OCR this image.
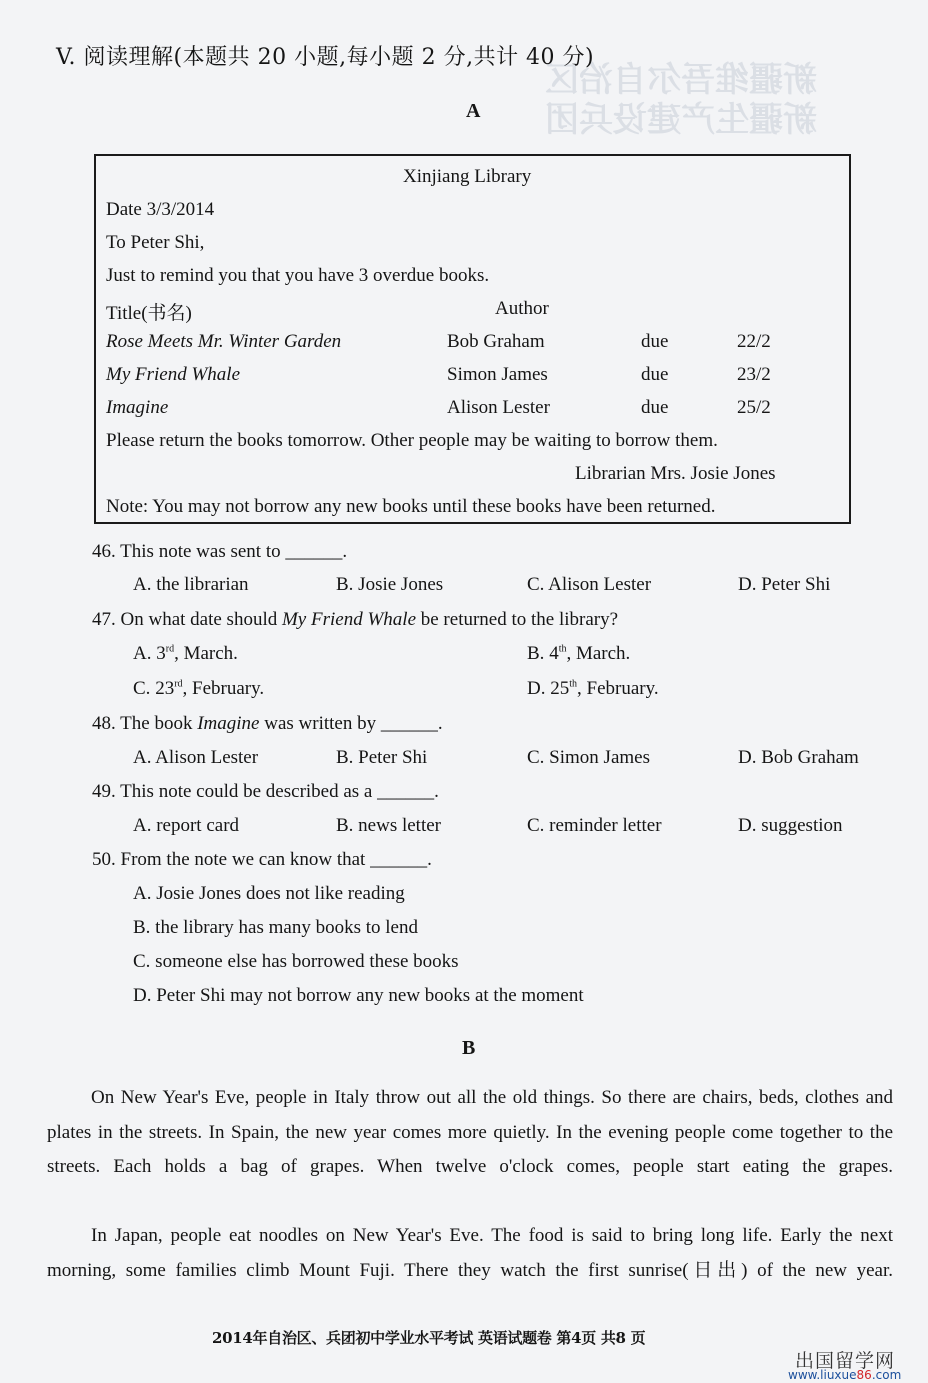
新疆维吾尔自治区
新疆生产建设兵团
V. 阅读理解(本题共 20 小题,每小题 2 分,共计 40 分)
A
Xinjiang Library
Date 3/3/2014
To Peter Shi,
Just to remind you that you have 3 overdue books.
Title(书名)	Author
Rose Meets Mr. Winter Garden	Bob Graham	due	22/2
My Friend Whale	Simon James	due	23/2
Imagine	Alison Lester	due	25/2
Please return the books tomorrow. Other people may be waiting to borrow them.
Librarian Mrs. Josie Jones
Note: You may not borrow any new books until these books have been returned.
46. This note was sent to ______.
A. the librarian	B. Josie Jones	C. Alison Lester	D. Peter Shi
47. On what date should My Friend Whale be returned to the library?
A. 3rd, March.	B. 4th, March.
C. 23rd, February.	D. 25th, February.
48. The book Imagine was written by ______.
A. Alison Lester	B. Peter Shi	C. Simon James	D. Bob Graham
49. This note could be described as a ______.
A. report card	B. news letter	C. reminder letter	D. suggestion
50. From the note we can know that ______.
A. Josie Jones does not like reading
B. the library has many books to lend
C. someone else has borrowed these books
D. Peter Shi may not borrow any new books at the moment
B
On New Year's Eve, people in Italy throw out all the old things. So there are chairs, beds, clothes and plates in the streets. In Spain, the new year comes more quietly. In the evening people come together to the streets. Each holds a bag of grapes. When twelve o'clock comes, people start eating the grapes.
In Japan, people eat noodles on New Year's Eve. The food is said to bring long life. Early the next morning, some families climb Mount Fuji. There they watch the first sunrise(日出) of the new year.
2014年自治区、兵团初中学业水平考试 英语试题卷 第4页 共8 页
出国留学网
www.liuxue86.com
